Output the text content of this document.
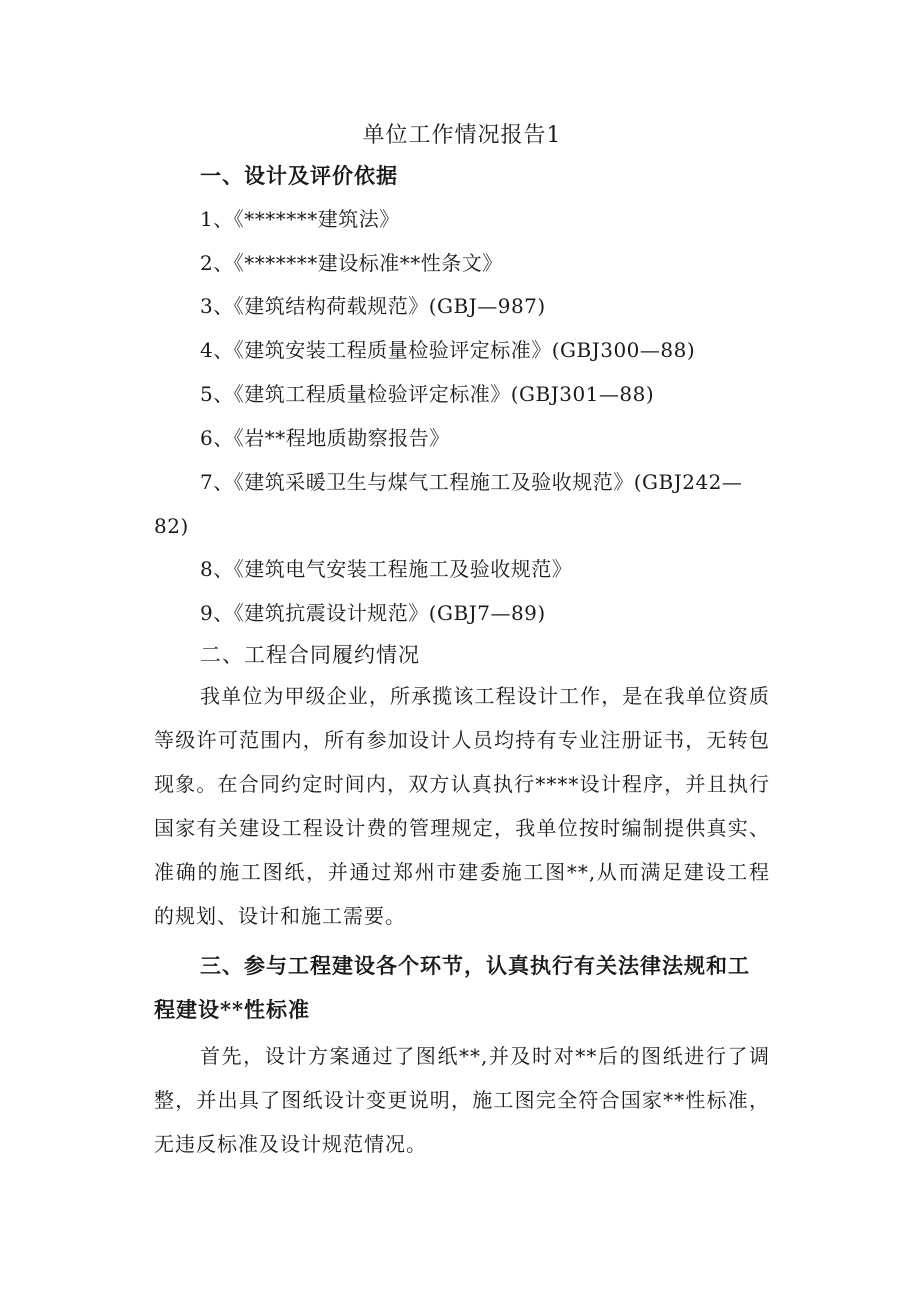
单位工作情况报告1
一、设计及评价依据
1、《*******建筑法》
2、《*******建设标准**性条文》
3、《建筑结构荷载规范》(GBJ—987)
4、《建筑安装工程质量检验评定标准》(GBJ300—88)
5、《建筑工程质量检验评定标准》(GBJ301—88)
6、《岩**程地质勘察报告》
7、《建筑采暖卫生与煤气工程施工及验收规范》(GBJ242—82)
8、《建筑电气安装工程施工及验收规范》
9、《建筑抗震设计规范》(GBJ7—89)
二、工程合同履约情况

我单位为甲级企业，所承揽该工程设计工作，是在我单位资质等级许可范围内，所有参加设计人员均持有专业注册证书，无转包现象。在合同约定时间内，双方认真执行****设计程序，并且执行国家有关建设工程设计费的管理规定，我单位按时编制提供真实、准确的施工图纸，并通过郑州市建委施工图**,从而满足建设工程的规划、设计和施工需要。

三、参与工程建设各个环节，认真执行有关法律法规和工程建设**性标准

首先，设计方案通过了图纸**,并及时对**后的图纸进行了调整，并出具了图纸设计变更说明，施工图完全符合国家**性标准，无违反标准及设计规范情况。
